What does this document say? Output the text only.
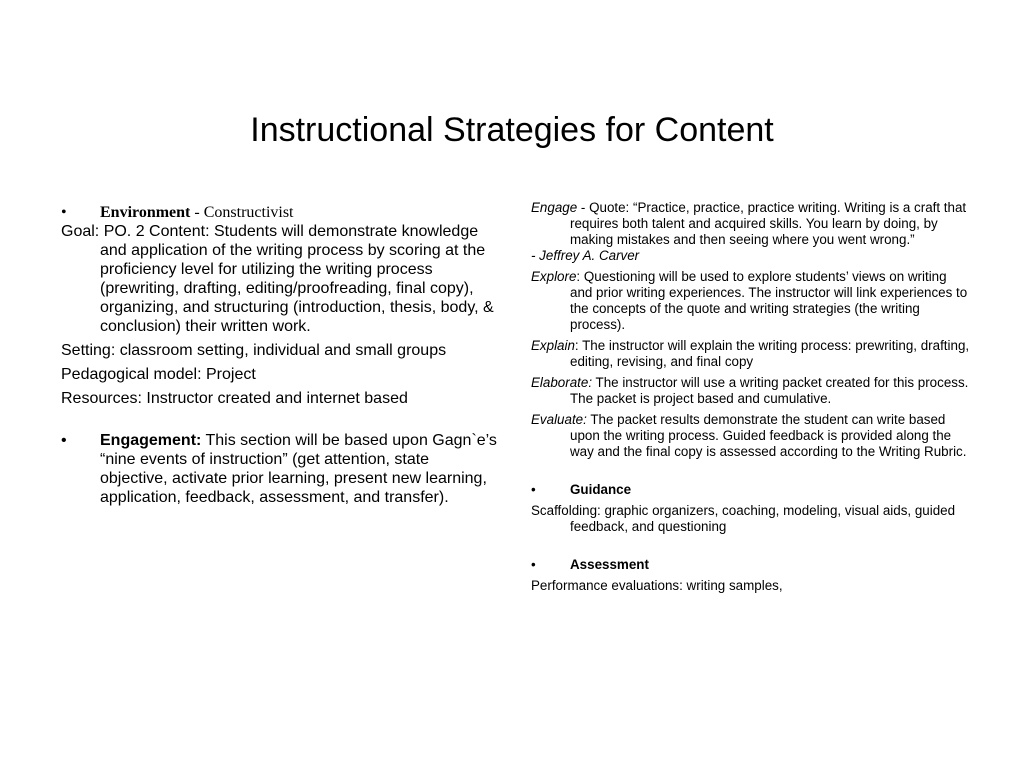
Instructional Strategies for Content
•	Environment - Constructivist

Goal: PO. 2 Content: Students will demonstrate knowledge and application of the writing process by scoring at the proficiency level for utilizing the writing process (prewriting, drafting, editing/proofreading, final copy), organizing, and structuring (introduction, thesis, body, & conclusion) their written work.

Setting: classroom setting, individual and small groups

Pedagogical model: Project

Resources: Instructor created and internet based

•	Engagement: This section will be based upon Gagn`e’s “nine events of instruction” (get attention, state objective, activate prior learning, present new learning, application, feedback, assessment, and transfer).

Engage - Quote: “Practice, practice, practice writing. Writing is a craft that requires both talent and acquired skills. You learn by doing, by making mistakes and then seeing where you went wrong.”
- Jeffrey A. Carver

Explore: Questioning will be used to explore students’ views on writing and prior writing experiences. The instructor will link experiences to the concepts of the quote and writing strategies (the writing process).

Explain: The instructor will explain the writing process: prewriting, drafting, editing, revising, and final copy

Elaborate: The instructor will use a writing packet created for this process. The packet is project based and cumulative.

Evaluate: The packet results demonstrate the student can write based upon the writing process. Guided feedback is provided along the way and the final copy is assessed according to the Writing Rubric.

•	Guidance

Scaffolding: graphic organizers, coaching, modeling, visual aids, guided feedback, and questioning

•	Assessment

Performance evaluations: writing samples,
